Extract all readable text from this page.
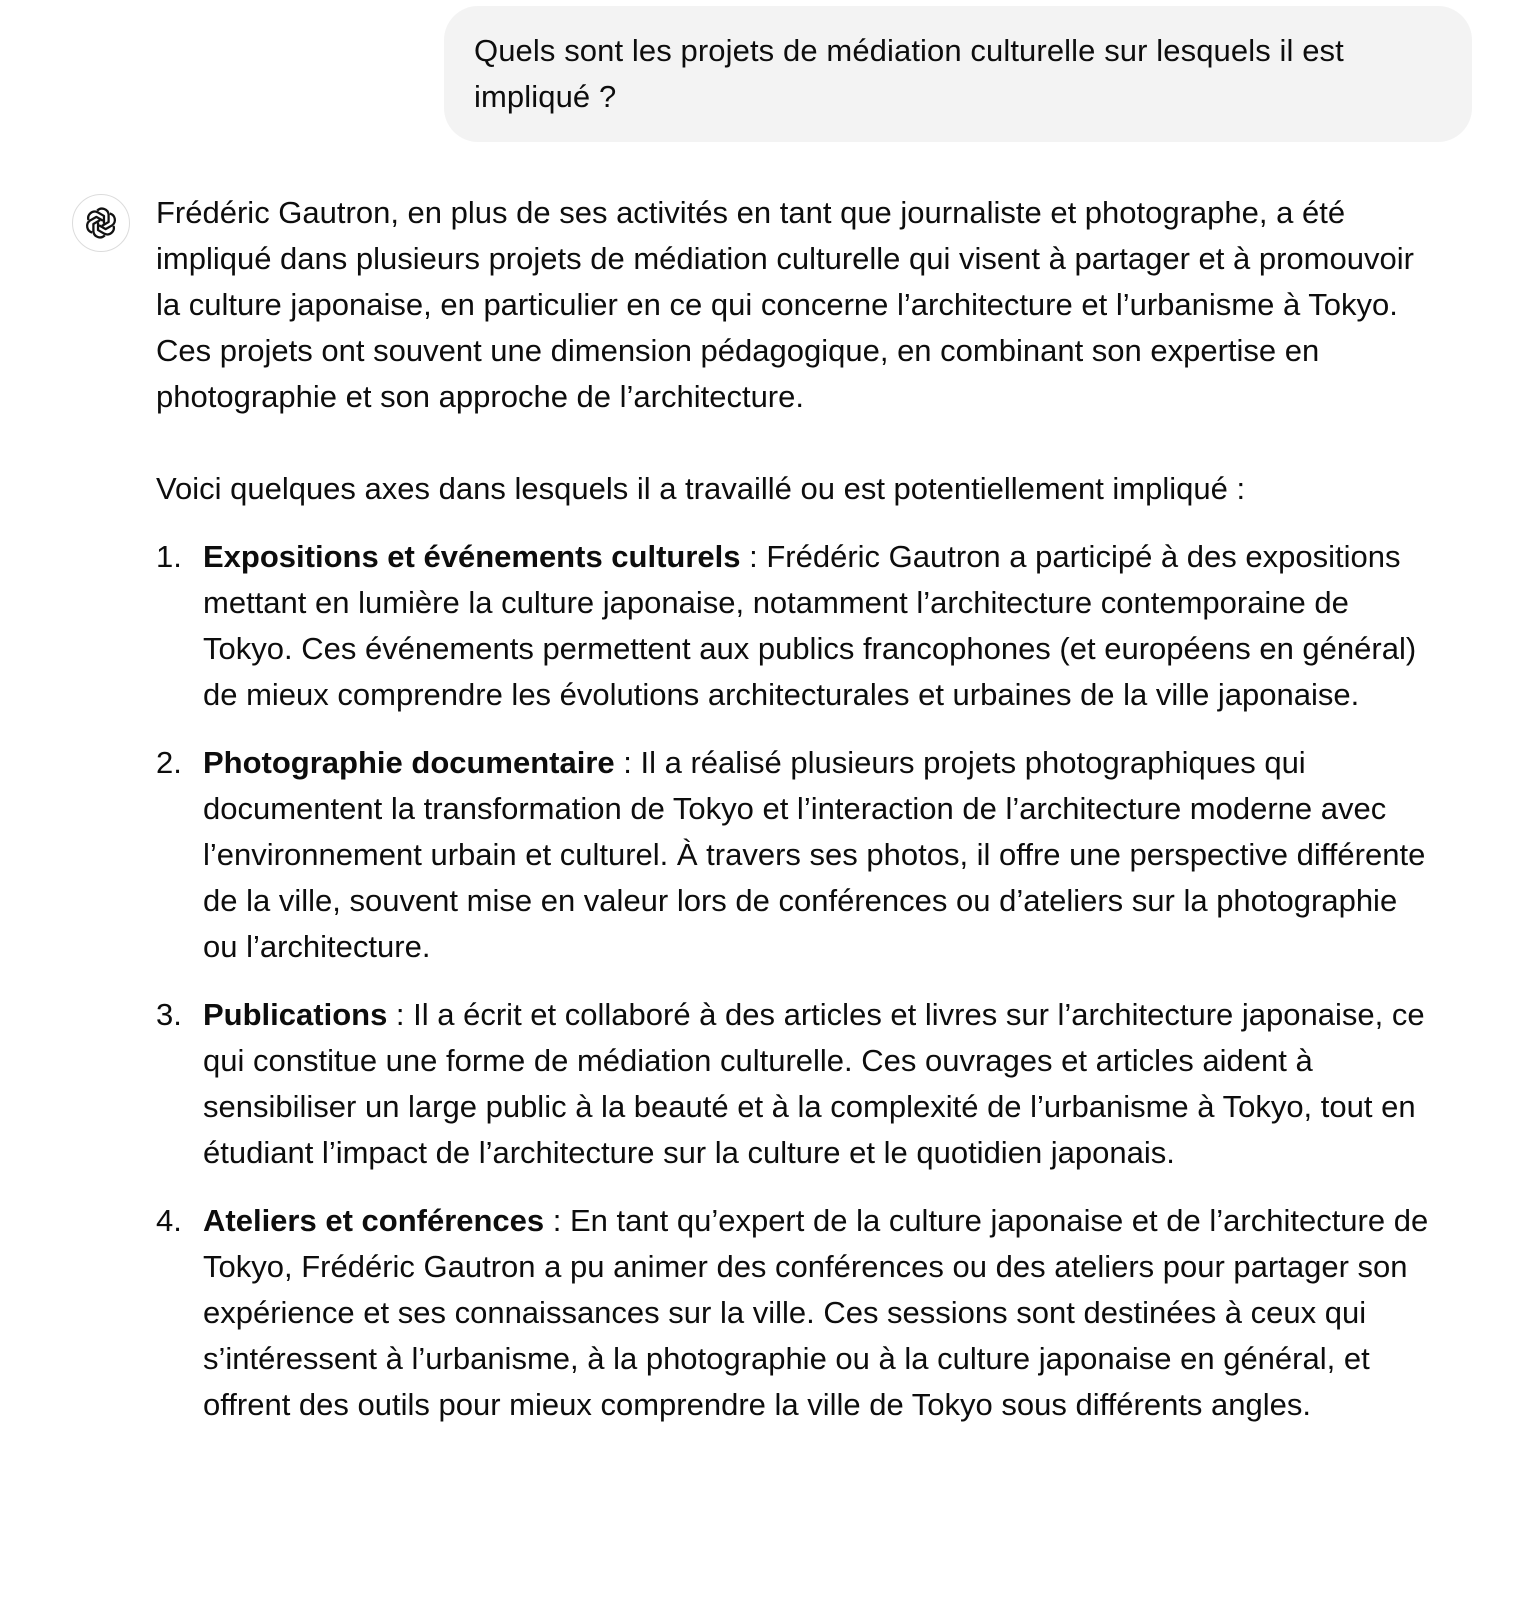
Quels sont les projets de médiation culturelle sur lesquels il est impliqué ?

Frédéric Gautron, en plus de ses activités en tant que journaliste et photographe, a été impliqué dans plusieurs projets de médiation culturelle qui visent à partager et à promouvoir la culture japonaise, en particulier en ce qui concerne l’architecture et l’urbanisme à Tokyo. Ces projets ont souvent une dimension pédagogique, en combinant son expertise en photographie et son approche de l’architecture.

Voici quelques axes dans lesquels il a travaillé ou est potentiellement impliqué :

1. Expositions et événements culturels : Frédéric Gautron a participé à des expositions mettant en lumière la culture japonaise, notamment l’architecture contemporaine de Tokyo. Ces événements permettent aux publics francophones (et européens en général) de mieux comprendre les évolutions architecturales et urbaines de la ville japonaise.
2. Photographie documentaire : Il a réalisé plusieurs projets photographiques qui documentent la transformation de Tokyo et l’interaction de l’architecture moderne avec l’environnement urbain et culturel. À travers ses photos, il offre une perspective différente de la ville, souvent mise en valeur lors de conférences ou d’ateliers sur la photographie ou l’architecture.
3. Publications : Il a écrit et collaboré à des articles et livres sur l’architecture japonaise, ce qui constitue une forme de médiation culturelle. Ces ouvrages et articles aident à sensibiliser un large public à la beauté et à la complexité de l’urbanisme à Tokyo, tout en étudiant l’impact de l’architecture sur la culture et le quotidien japonais.
4. Ateliers et conférences : En tant qu’expert de la culture japonaise et de l’architecture de Tokyo, Frédéric Gautron a pu animer des conférences ou des ateliers pour partager son expérience et ses connaissances sur la ville. Ces sessions sont destinées à ceux qui s’intéressent à l’urbanisme, à la photographie ou à la culture japonaise en général, et offrent des outils pour mieux comprendre la ville de Tokyo sous différents angles.
